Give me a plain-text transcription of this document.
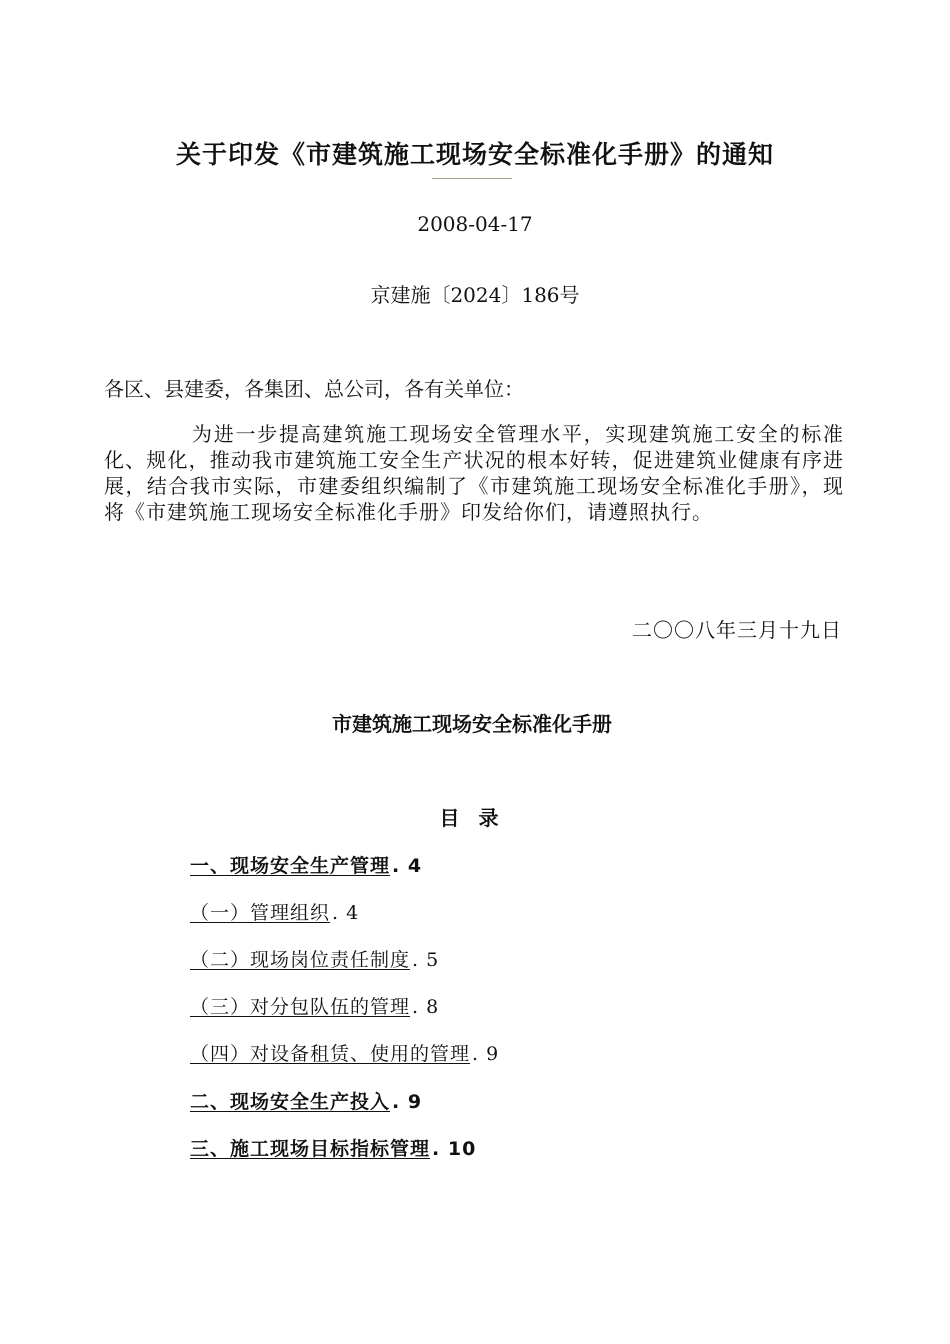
关于印发《市建筑施工现场安全标准化手册》的通知
2008-04-17
京建施〔2024〕186号
各区、县建委，各集团、总公司，各有关单位：
为进一步提高建筑施工现场安全管理水平，实现建筑施工安全的标准化、规化，推动我市建筑施工安全生产状况的根本好转，促进建筑业健康有序进展，结合我市实际，市建委组织编制了《市建筑施工现场安全标准化手册》，现将《市建筑施工现场安全标准化手册》印发给你们，请遵照执行。
二〇〇八年三月十九日
市建筑施工现场安全标准化手册
目 录
一、现场安全生产管理 . 4
（一）管理组织 . 4
（二）现场岗位责任制度 . 5
（三）对分包队伍的管理 . 8
（四）对设备租赁、使用的管理 . 9
二、现场安全生产投入 . 9
三、施工现场目标指标管理 . 10
